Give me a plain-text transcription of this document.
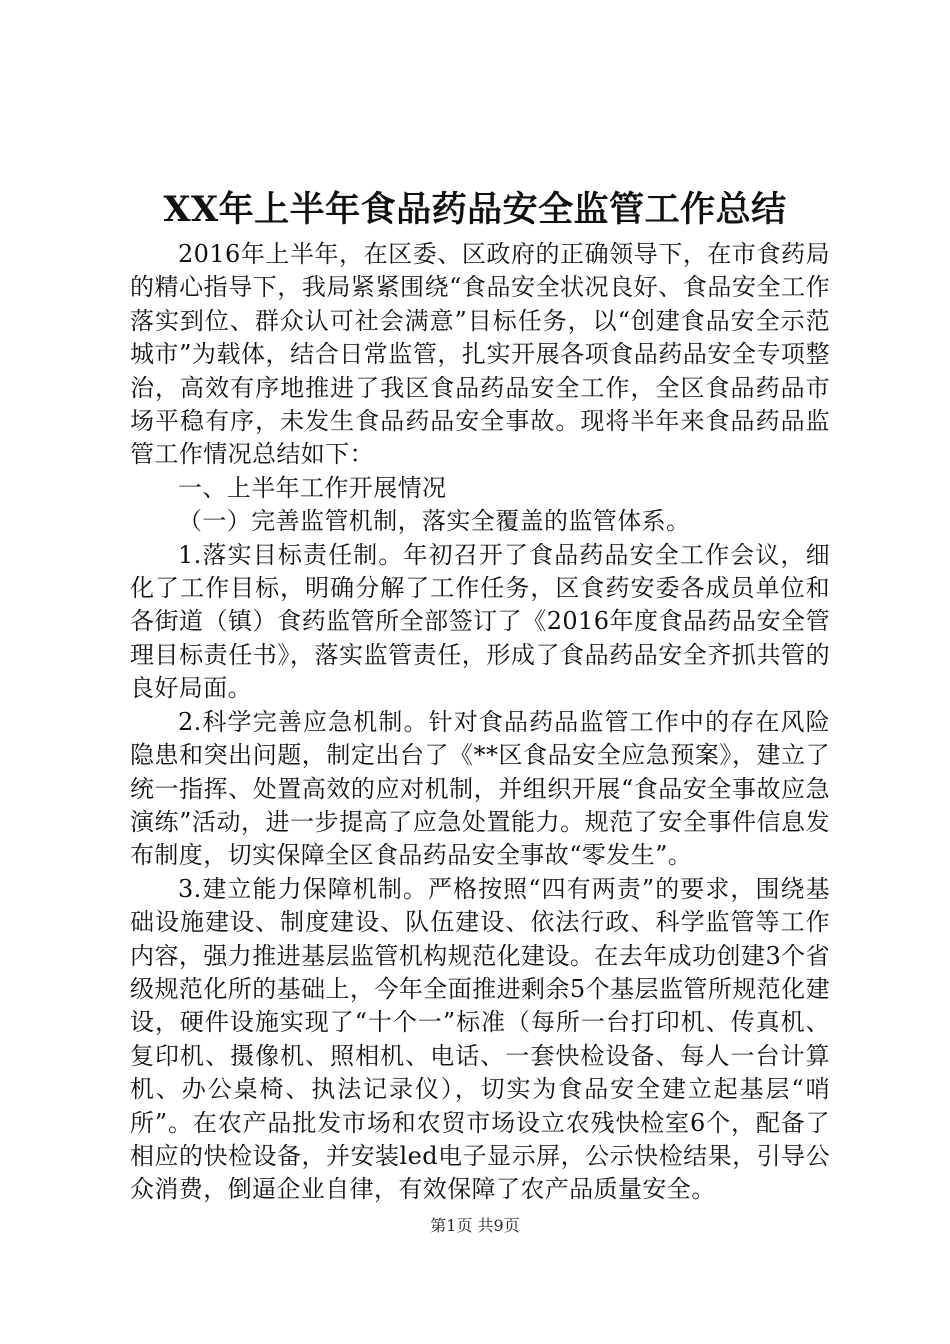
XX年上半年食品药品安全监管工作总结

2016年上半年，在区委、区政府的正确领导下，在市食药局的精心指导下，我局紧紧围绕“食品安全状况良好、食品安全工作落实到位、群众认可社会满意”目标任务，以“创建食品安全示范城市”为载体，结合日常监管，扎实开展各项食品药品安全专项整治，高效有序地推进了我区食品药品安全工作，全区食品药品市场平稳有序，未发生食品药品安全事故。现将半年来食品药品监管工作情况总结如下：

一、上半年工作开展情况

（一）完善监管机制，落实全覆盖的监管体系。

1.落实目标责任制。年初召开了食品药品安全工作会议，细化了工作目标，明确分解了工作任务，区食药安委各成员单位和各街道（镇）食药监管所全部签订了《2016年度食品药品安全管理目标责任书》，落实监管责任，形成了食品药品安全齐抓共管的良好局面。

2.科学完善应急机制。针对食品药品监管工作中的存在风险隐患和突出问题，制定出台了《**区食品安全应急预案》，建立了统一指挥、处置高效的应对机制，并组织开展“食品安全事故应急演练”活动，进一步提高了应急处置能力。规范了安全事件信息发布制度，切实保障全区食品药品安全事故“零发生”。

3.建立能力保障机制。严格按照“四有两责”的要求，围绕基础设施建设、制度建设、队伍建设、依法行政、科学监管等工作内容，强力推进基层监管机构规范化建设。在去年成功创建3个省级规范化所的基础上，今年全面推进剩余5个基层监管所规范化建设，硬件设施实现了“十个一”标准（每所一台打印机、传真机、复印机、摄像机、照相机、电话、一套快检设备、每人一台计算机、办公桌椅、执法记录仪），切实为食品安全建立起基层“哨所”。在农产品批发市场和农贸市场设立农残快检室6个，配备了相应的快检设备，并安装led电子显示屏，公示快检结果，引导公众消费，倒逼企业自律，有效保障了农产品质量安全。

第1页 共9页
